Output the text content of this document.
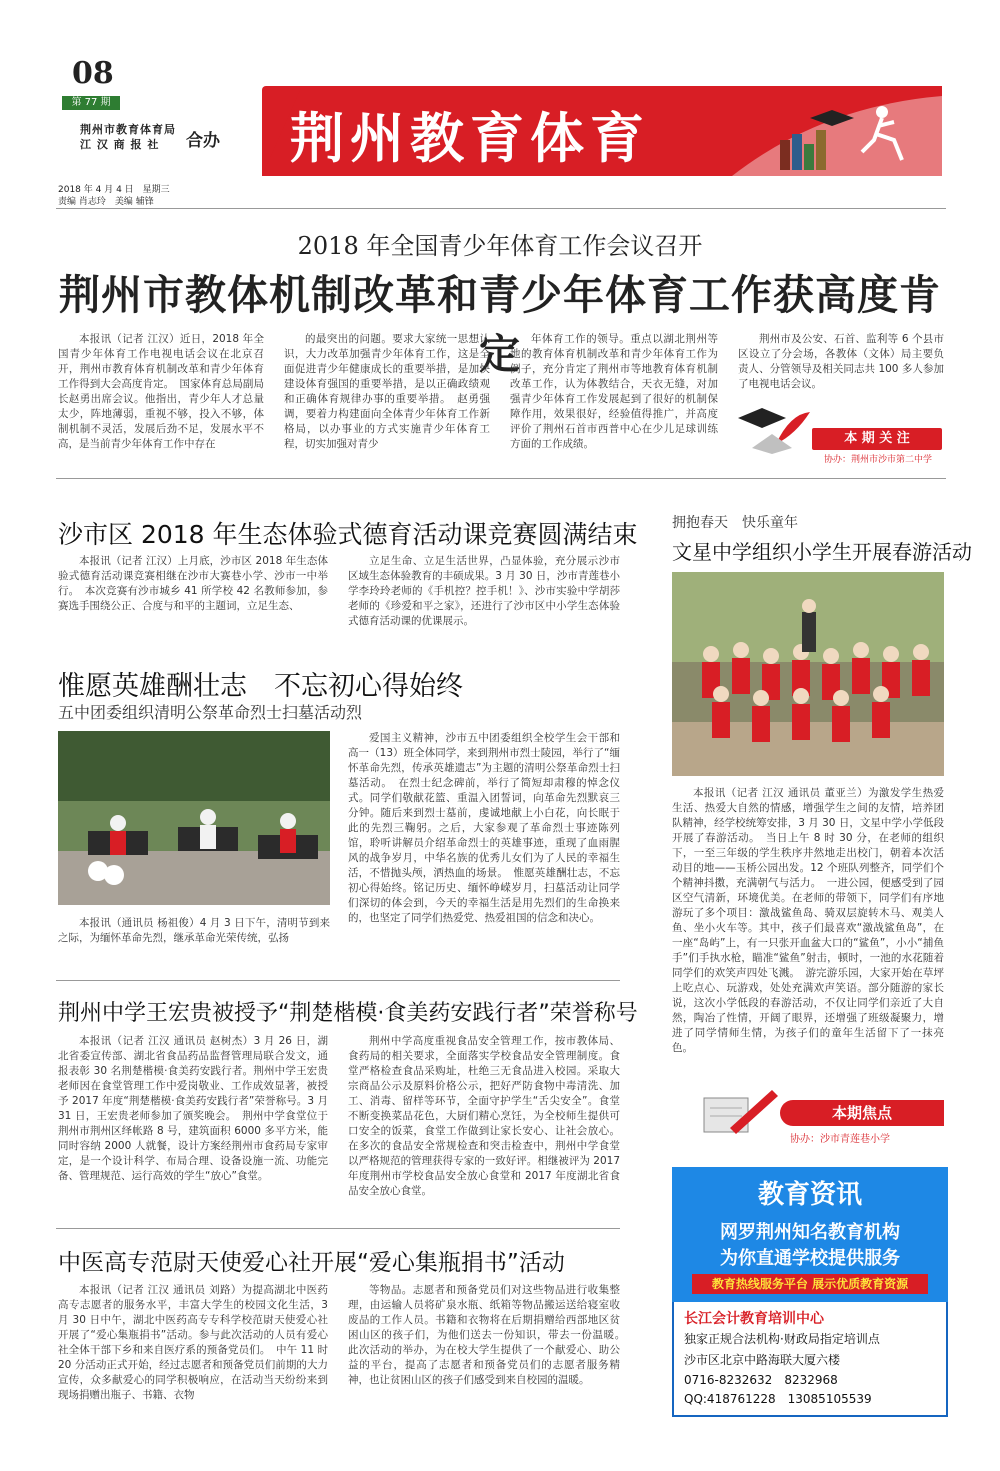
08
第 77 期
荆州市教育体育局
江 汉 商 报 社	合办 荆州教育体育
2018 年 4 月 4 日　星期三
责编 肖志玲　美编 辅锋
2018 年全国青少年体育工作会议召开
荆州市教体机制改革和青少年体育工作获高度肯定

本报讯（记者 江汉）近日，2018 年全国青少年体育工作电视电话会议在北京召开，荆州市教育体育机制改革和青少年体育工作得到大会高度肯定。　国家体育总局副局长赵勇出席会议。他指出，青少年人才总量太少，阵地薄弱，重视不够，投入不够，体制机制不灵活，发展后劲不足，发展水平不高，是当前青少年体育工作中存在

的最突出的问题。要求大家统一思想认识，大力改革加强青少年体育工作，这是全面促进青少年健康成长的重要举措，是加快建设体育强国的重要举措，是以正确政绩观和正确体育规律办事的重要举措。　赵勇强调，要着力构建面向全体青少年体育工作新格局，以办事业的方式实施青少年体育工程，切实加强对青少

年体育工作的领导。重点以湖北荆州等地的教育体育机制改革和青少年体育工作为例子，充分肯定了荆州市等地教育体育机制改革工作，认为体教结合，天衣无缝，对加强青少年体育工作发展起到了很好的机制保障作用，效果很好，经验值得推广，并高度评价了荆州石首市西普中心在少儿足球训练方面的工作成绩。

荆州市及公安、石首、监利等 6 个县市区设立了分会场，各教体（文体）局主要负责人、分管领导及相关同志共 100 多人参加了电视电话会议。

本 期 关 注
协办：荆州市沙市第二中学
沙市区 2018 年生态体验式德育活动课竞赛圆满结束

本报讯（记者 江汉）上月底，沙市区 2018 年生态体验式德育活动课竞赛相继在沙市大赛巷小学、沙市一中举行。　本次竞赛有沙市城乡 41 所学校 42 名教师参加，参赛选手围绕公正、合度与和平的主题词，立足生态、

立足生命、立足生活世界，凸显体验，充分展示沙市区域生态体验教育的丰硕成果。3 月 30 日，沙市青莲巷小学李玲玲老师的《手机控？控手机！》、沙市实验中学胡莎老师的《珍爱和平之家》，还进行了沙市区中小学生态体验式德育活动课的优课展示。

惟愿英雄酬壮志　不忘初心得始终
五中团委组织清明公祭革命烈士扫墓活动烈

本报讯（通讯员 杨祖俊）4 月 3 日下午，清明节到来之际，为缅怀革命先烈，继承革命光荣传统，弘扬

爱国主义精神，沙市五中团委组织全校学生会干部和高一（13）班全体同学，来到荆州市烈士陵园，举行了“缅怀革命先烈，传承英雄遗志”为主题的清明公祭革命烈士扫墓活动。　在烈士纪念碑前，举行了简短却肃穆的悼念仪式。同学们敬献花篮、重温入团誓词，向革命先烈默哀三分钟。随后来到烈士墓前，虔诚地献上小白花，向长眠于此的先烈三鞠躬。之后，大家参观了革命烈士事迹陈列馆，聆听讲解员介绍革命烈士的英雄事迹，重现了血雨腥风的战争岁月，中华名族的优秀儿女们为了人民的幸福生活，不惜抛头颅，洒热血的场景。　惟愿英雄酬壮志，不忘初心得始终。铭记历史、缅怀峥嵘岁月，扫墓活动让同学们深切的体会到，今天的幸福生活是用先烈们的生命换来的，也坚定了同学们热爱党、热爱祖国的信念和决心。

拥抱春天　快乐童年
文星中学组织小学生开展春游活动

本报讯（记者 江汉 通讯员 董亚兰）为激发学生热爱生活、热爱大自然的情感，增强学生之间的友情，培养团队精神，经学校统筹安排，3 月 30 日，文星中学小学低段开展了春游活动。　当日上午 8 时 30 分，在老师的组织下，一至三年级的学生秩序井然地走出校门，朝着本次活动目的地——玉桥公园出发。12 个班队列整齐，同学们个个精神抖擞，充满朝气与活力。　一进公园，便感受到了园区空气清新，环境优美。在老师的带领下，同学们有序地游玩了多个项目：激战鲨鱼岛、骑双层旋转木马、观美人鱼、坐小火车等。其中，孩子们最喜欢“激战鲨鱼岛”，在一座“岛屿”上，有一只张开血盆大口的“鲨鱼”，小小“捕鱼手”们手执水枪，瞄准“鲨鱼”射击，顿时，一池的水花随着同学们的欢笑声四处飞溅。　游完游乐园，大家开始在草坪上吃点心、玩游戏，处处充满欢声笑语。部分随游的家长说，这次小学低段的春游活动，不仅让同学们亲近了大自然，陶冶了性情，开阔了眼界，还增强了班级凝聚力，增进了同学情师生情，为孩子们的童年生活留下了一抹亮色。

本期焦点
协办：沙市青莲巷小学
荆州中学王宏贵被授予“荆楚楷模·食美药安践行者”荣誉称号

本报讯（记者 江汉 通讯员 赵树杰）3 月 26 日，湖北省委宣传部、湖北省食品药品监督管理局联合发文，通报表彰 30 名荆楚楷模·食美药安践行者。荆州中学王宏贵老师因在食堂管理工作中爱岗敬业、工作成效显著，被授予 2017 年度“荆楚楷模·食美药安践行者”荣誉称号。3 月 31 日，王宏贵老师参加了颁奖晚会。　荆州中学食堂位于荆州市荆州区绎帐路 8 号，建筑面积 6000 多平方米，能同时容纳 2000 人就餐，设计方案经荆州市食药局专家审定，是一个设计科学、布局合理、设备设施一流、功能完备、管理规范、运行高效的学生“放心”食堂。

荆州中学高度重视食品安全管理工作，按市教体局、食药局的相关要求，全面落实学校食品安全管理制度。食堂严格检查食品采购址，杜绝三无食品进入校园。采取大宗商品公示及原料价格公示，把好严防食物中毒清洗、加工、消毒、留样等环节，全面守护学生“舌尖安全”。食堂不断变换菜品花色，大厨们精心烹饪，为全校师生提供可口安全的饭菜，食堂工作做到让家长安心、让社会放心。在多次的食品安全常规检查和突击检查中，荆州中学食堂以严格规范的管理获得专家的一致好评。相继被评为 2017 年度荆州市学校食品安全放心食堂和 2017 年度湖北省食品安全放心食堂。

中医高专范尉天使爱心社开展“爱心集瓶捐书”活动

本报讯（记者 江汉 通讯员 刘路）为提高湖北中医药高专志愿者的服务水平，丰富大学生的校园文化生活，3 月 30 日中午，湖北中医药高专专科学校范尉天使爱心社开展了“爱心集瓶捐书”活动。参与此次活动的人员有爱心社全体干部下乡和来自医疗系的预备党员们。　中午 11 时 20 分活动正式开始，经过志愿者和预备党员们前期的大力宣传，众多献爱心的同学积极响应，在活动当天纷纷来到现场捐赠出瓶子、书籍、衣物

等物品。志愿者和预备党员们对这些物品进行收集整理，由运输人员将矿泉水瓶、纸箱等物品搬运送给寝室收废品的工作人员。书籍和衣物将在后期捐赠给西部地区贫困山区的孩子们，为他们送去一份知识，带去一份温暖。　此次活动的举办，为在校大学生提供了一个献爱心、助公益的平台，提高了志愿者和预备党员们的志愿者服务精神，也让贫困山区的孩子们感受到来自校园的温暖。

教育资讯
网罗荆州知名教育机构
为你直通学校提供服务
教育热线服务平台 展示优质教育资源
长江会计教育培训中心
独家正规合法机构·财政局指定培训点
沙市区北京中路海联大厦六楼
0716-8232632　8232968
QQ:418761228　13085105539
